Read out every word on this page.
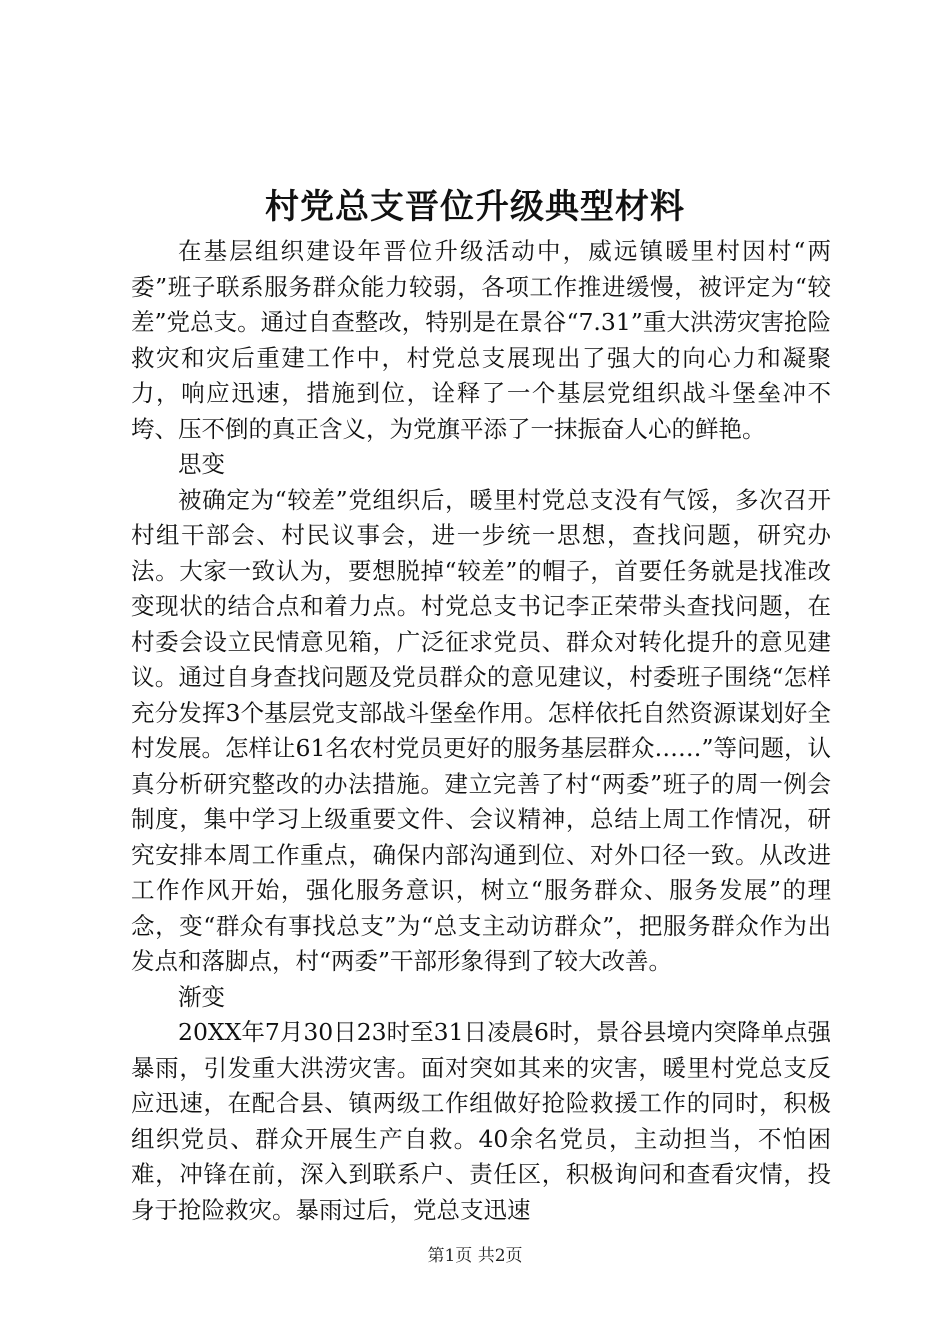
村党总支晋位升级典型材料

在基层组织建设年晋位升级活动中，威远镇暖里村因村“两委”班子联系服务群众能力较弱，各项工作推进缓慢，被评定为“较差”党总支。通过自查整改，特别是在景谷“7.31”重大洪涝灾害抢险救灾和灾后重建工作中，村党总支展现出了强大的向心力和凝聚力，响应迅速，措施到位，诠释了一个基层党组织战斗堡垒冲不垮、压不倒的真正含义，为党旗平添了一抹振奋人心的鲜艳。

思变

被确定为“较差”党组织后，暖里村党总支没有气馁，多次召开村组干部会、村民议事会，进一步统一思想，查找问题，研究办法。大家一致认为，要想脱掉“较差”的帽子，首要任务就是找准改变现状的结合点和着力点。村党总支书记李正荣带头查找问题，在村委会设立民情意见箱，广泛征求党员、群众对转化提升的意见建议。通过自身查找问题及党员群众的意见建议，村委班子围绕“怎样充分发挥3个基层党支部战斗堡垒作用。怎样依托自然资源谋划好全村发展。怎样让61名农村党员更好的服务基层群众……”等问题，认真分析研究整改的办法措施。建立完善了村“两委”班子的周一例会制度，集中学习上级重要文件、会议精神，总结上周工作情况，研究安排本周工作重点，确保内部沟通到位、对外口径一致。从改进工作作风开始，强化服务意识，树立“服务群众、服务发展”的理念，变“群众有事找总支”为“总支主动访群众”，把服务群众作为出发点和落脚点，村“两委”干部形象得到了较大改善。

渐变

20XX年7月30日23时至31日凌晨6时，景谷县境内突降单点强暴雨，引发重大洪涝灾害。面对突如其来的灾害，暖里村党总支反应迅速，在配合县、镇两级工作组做好抢险救援工作的同时，积极组织党员、群众开展生产自救。40余名党员，主动担当，不怕困难，冲锋在前，深入到联系户、责任区，积极询问和查看灾情，投身于抢险救灾。暴雨过后，党总支迅速

第1页 共2页
